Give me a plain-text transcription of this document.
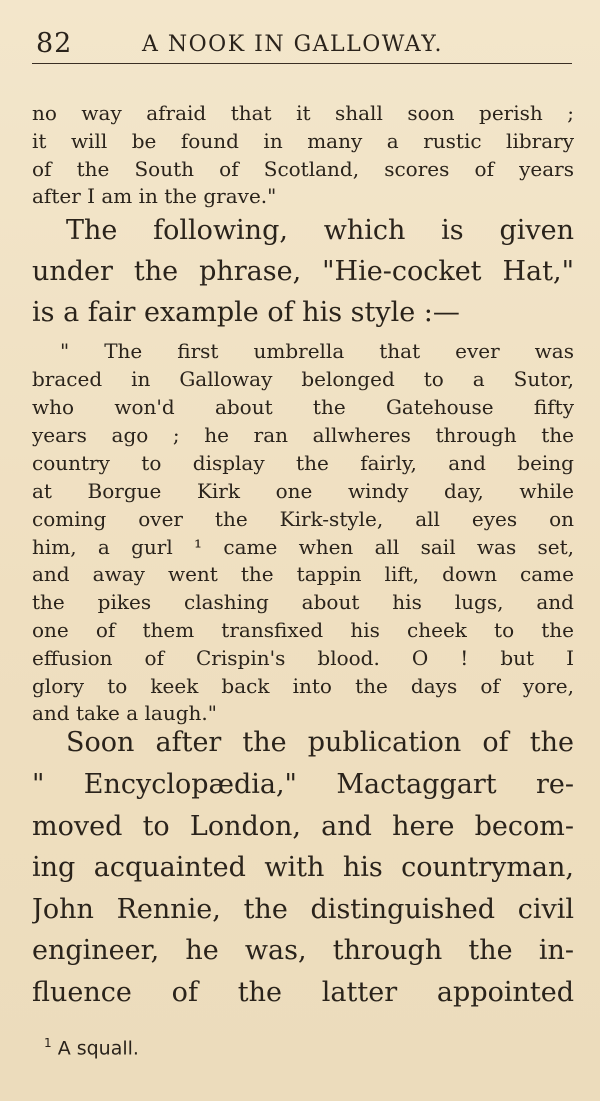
82	A NOOK IN GALLOWAY.
no way afraid that it shall soon perish ;
it will be found in many a rustic library
of the South of Scotland, scores of years
after I am in the grave."
The following, which is given
under the phrase, "Hie-cocket Hat,"
is a fair example of his style :—
" The first umbrella that ever was
braced in Galloway belonged to a Sutor,
who won'd about the Gatehouse fifty
years ago ; he ran allwheres through the
country to display the fairly, and being
at Borgue Kirk one windy day, while
coming over the Kirk-style, all eyes on
him, a gurl ¹ came when all sail was set,
and away went the tappin lift, down came
the pikes clashing about his lugs, and
one of them transfixed his cheek to the
effusion of Crispin's blood. O ! but I
glory to keek back into the days of yore,
and take a laugh."
Soon after the publication of the
" Encyclopædia," Mactaggart re-
moved to London, and here becom-
ing acquainted with his countryman,
John Rennie, the distinguished civil
engineer, he was, through the in-
fluence of the latter appointed
$^1$ A squall.
